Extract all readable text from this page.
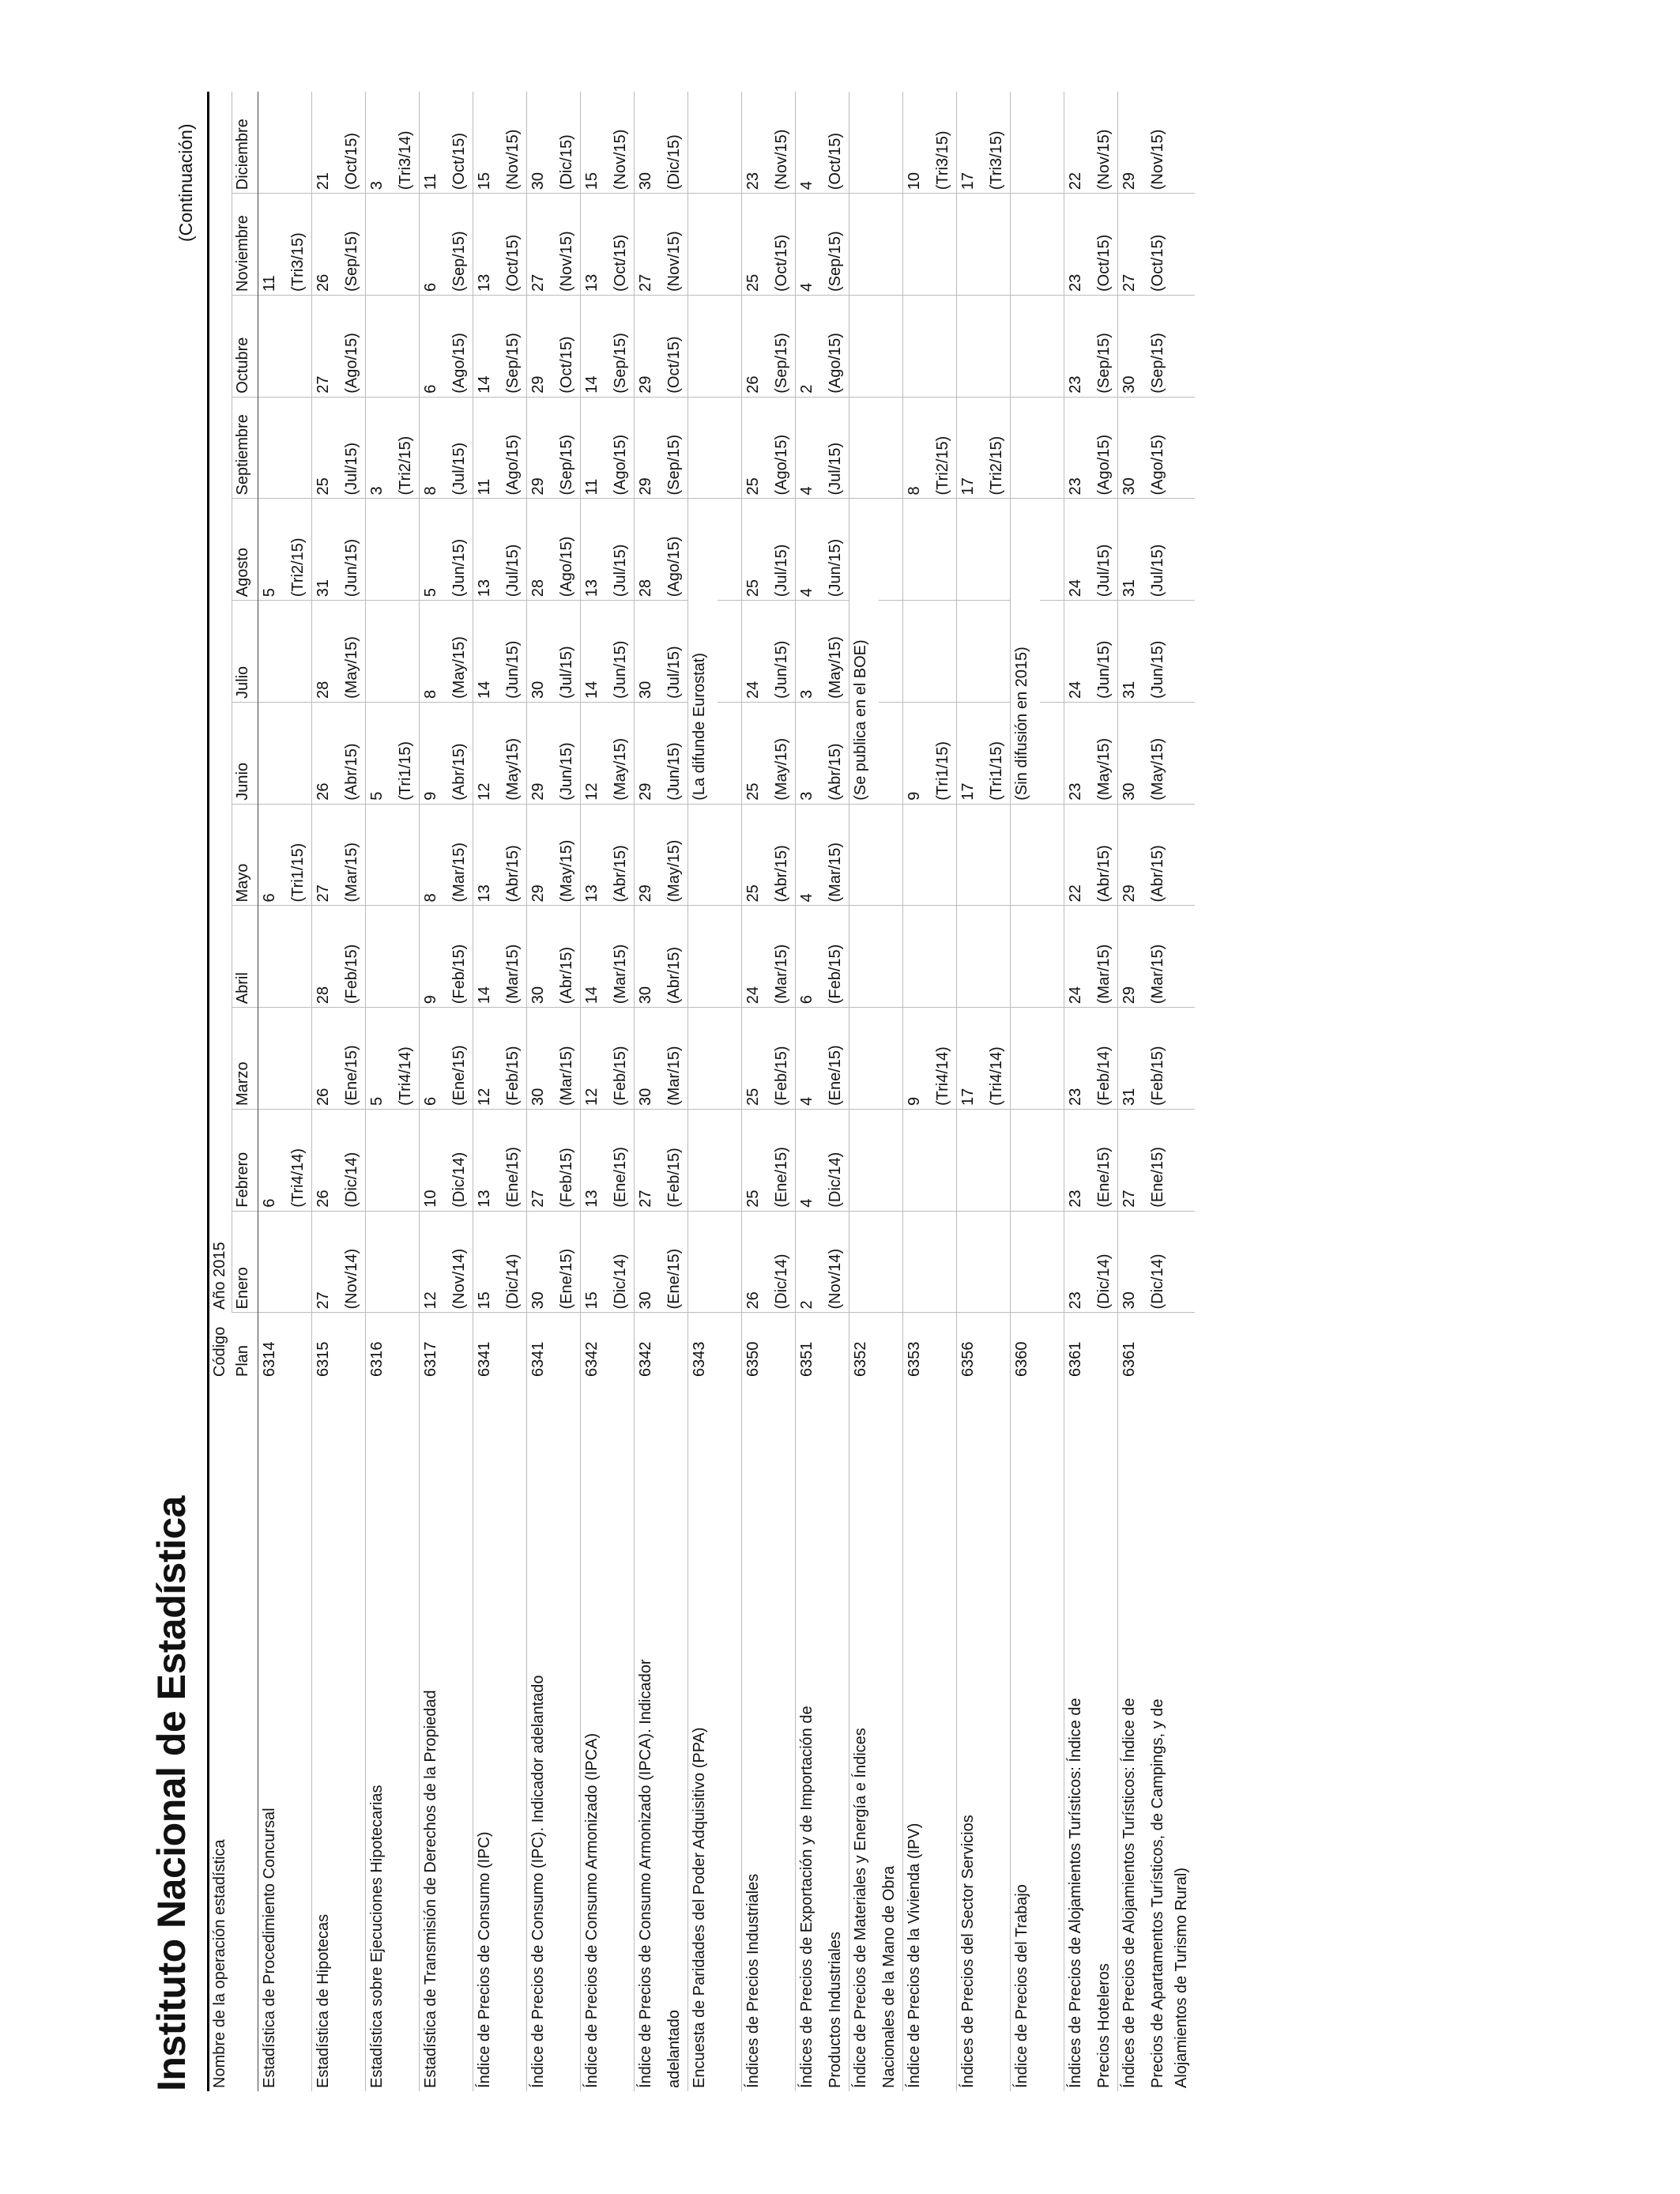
Instituto Nacional de Estadística
(Continuación)
Nombre de la operación estadística	Código	Año 2015											
	Plan	Enero	Febrero	Marzo	Abril	Mayo	Junio	Julio	Agosto	Septiembre	Octubre	Noviembre	Diciembre
Estadística de Procedimiento Concursal	6314		6			6			5			11	
			(Tri4/14)			(Tri1/15)			(Tri2/15)			(Tri3/15)	
Estadística de Hipotecas	6315	27	26	26	28	27	26	28	31	25	27	26	21
		(Nov/14)	(Dic/14)	(Ene/15)	(Feb/15)	(Mar/15)	(Abr/15)	(May/15)	(Jun/15)	(Jul/15)	(Ago/15)	(Sep/15)	(Oct/15)
Estadística sobre Ejecuciones Hipotecarias	6316			5			5			3			3
				(Tri4/14)			(Tri1/15)			(Tri2/15)			(Tri3/14)
Estadística de Transmisión de Derechos de la Propiedad	6317	12	10	6	9	8	9	8	5	8	6	6	11
		(Nov/14)	(Dic/14)	(Ene/15)	(Feb/15)	(Mar/15)	(Abr/15)	(May/15)	(Jun/15)	(Jul/15)	(Ago/15)	(Sep/15)	(Oct/15)
Índice de Precios de Consumo (IPC)	6341	15	13	12	14	13	12	14	13	11	14	13	15
		(Dic/14)	(Ene/15)	(Feb/15)	(Mar/15)	(Abr/15)	(May/15)	(Jun/15)	(Jul/15)	(Ago/15)	(Sep/15)	(Oct/15)	(Nov/15)
Índice de Precios de Consumo (IPC). Indicador adelantado	6341	30	27	30	30	29	29	30	28	29	29	27	30
		(Ene/15)	(Feb/15)	(Mar/15)	(Abr/15)	(May/15)	(Jun/15)	(Jul/15)	(Ago/15)	(Sep/15)	(Oct/15)	(Nov/15)	(Dic/15)
Índice de Precios de Consumo Armonizado (IPCA)	6342	15	13	12	14	13	12	14	13	11	14	13	15
		(Dic/14)	(Ene/15)	(Feb/15)	(Mar/15)	(Abr/15)	(May/15)	(Jun/15)	(Jul/15)	(Ago/15)	(Sep/15)	(Oct/15)	(Nov/15)
Índice de Precios de Consumo Armonizado (IPCA). Indicador	6342	30	27	30	30	29	29	30	28	29	29	27	30
adelantado		(Ene/15)	(Feb/15)	(Mar/15)	(Abr/15)	(May/15)	(Jun/15)	(Jul/15)	(Ago/15)	(Sep/15)	(Oct/15)	(Nov/15)	(Dic/15)
Encuesta de Paridades del Poder Adquisitivo (PPA)	6343						(La difunde Eurostat)						

Índices de Precios Industriales	6350	26	25	25	24	25	25	24	25	25	26	25	23
		(Dic/14)	(Ene/15)	(Feb/15)	(Mar/15)	(Abr/15)	(May/15)	(Jun/15)	(Jul/15)	(Ago/15)	(Sep/15)	(Oct/15)	(Nov/15)
Índices de Precios de Exportación y de Importación de	6351	2	4	4	6	4	3	3	4	4	2	4	4
Productos Industriales		(Nov/14)	(Dic/14)	(Ene/15)	(Feb/15)	(Mar/15)	(Abr/15)	(May/15)	(Jun/15)	(Jul/15)	(Ago/15)	(Sep/15)	(Oct/15)
Índice de Precios de Materiales y Energía e Índices	6352						(Se publica en el BOE)						
Nacionales de la Mano de Obra													
Índice de Precios de la Vivienda (IPV)	6353			9			9			8			10
				(Tri4/14)			(Tri1/15)			(Tri2/15)			(Tri3/15)
Índices de Precios del Sector Servicios	6356			17			17			17			17
				(Tri4/14)			(Tri1/15)			(Tri2/15)			(Tri3/15)
Índice de Precios del Trabajo	6360						(Sin difusión en 2015)						

Índices de Precios de Alojamientos Turísticos: Índice de	6361	23	23	23	24	22	23	24	24	23	23	23	22
Precios Hoteleros		(Dic/14)	(Ene/15)	(Feb/14)	(Mar/15)	(Abr/15)	(May/15)	(Jun/15)	(Jul/15)	(Ago/15)	(Sep/15)	(Oct/15)	(Nov/15)
Índices de Precios de Alojamientos Turísticos: Índice de	6361	30	27	31	29	29	30	31	31	30	30	27	29
Precios de Apartamentos Turísticos, de Campings, y de		(Dic/14)	(Ene/15)	(Feb/15)	(Mar/15)	(Abr/15)	(May/15)	(Jun/15)	(Jul/15)	(Ago/15)	(Sep/15)	(Oct/15)	(Nov/15)
Alojamientos de Turismo Rural)													
